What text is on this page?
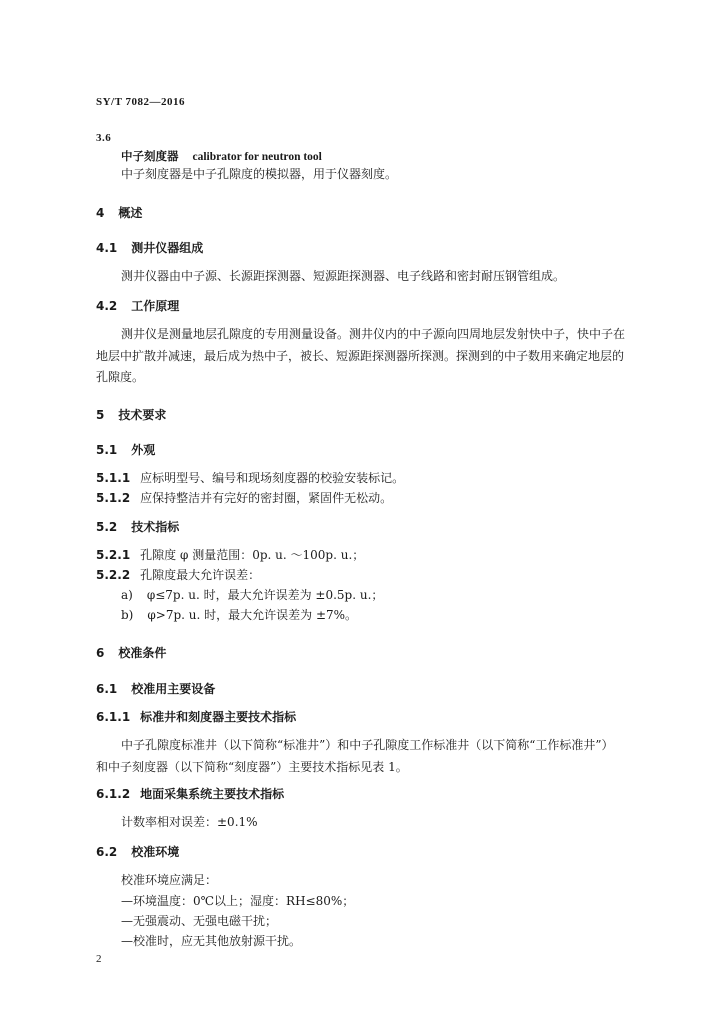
SY/T 7082—2016
3.6
中子刻度器 calibrator for neutron tool
中子刻度器是中子孔隙度的模拟器，用于仪器刻度。
4 概述
4.1 测井仪器组成
测井仪器由中子源、长源距探测器、短源距探测器、电子线路和密封耐压钢管组成。
4.2 工作原理
测井仪是测量地层孔隙度的专用测量设备。测井仪内的中子源向四周地层发射快中子，快中子在
地层中扩散并减速，最后成为热中子，被长、短源距探测器所探测。探测到的中子数用来确定地层的
孔隙度。
5 技术要求
5.1 外观
5.1.1 应标明型号、编号和现场刻度器的校验安装标记。
5.1.2 应保持整洁并有完好的密封圈，紧固件无松动。
5.2 技术指标
5.2.1 孔隙度 φ 测量范围：0p. u. ～100p. u.；
5.2.2 孔隙度最大允许误差：
a) φ≤7p. u. 时，最大允许误差为 ±0.5p. u.；
b) φ>7p. u. 时，最大允许误差为 ±7%。
6 校准条件
6.1 校准用主要设备
6.1.1 标准井和刻度器主要技术指标
中子孔隙度标准井（以下简称“标准井”）和中子孔隙度工作标准井（以下简称“工作标准井”）
和中子刻度器（以下简称“刻度器”）主要技术指标见表 1。
6.1.2 地面采集系统主要技术指标
计数率相对误差：±0.1%
6.2 校准环境
校准环境应满足：
—环境温度：0℃以上；湿度：RH≤80%；
—无强震动、无强电磁干扰；
—校准时，应无其他放射源干扰。
2
